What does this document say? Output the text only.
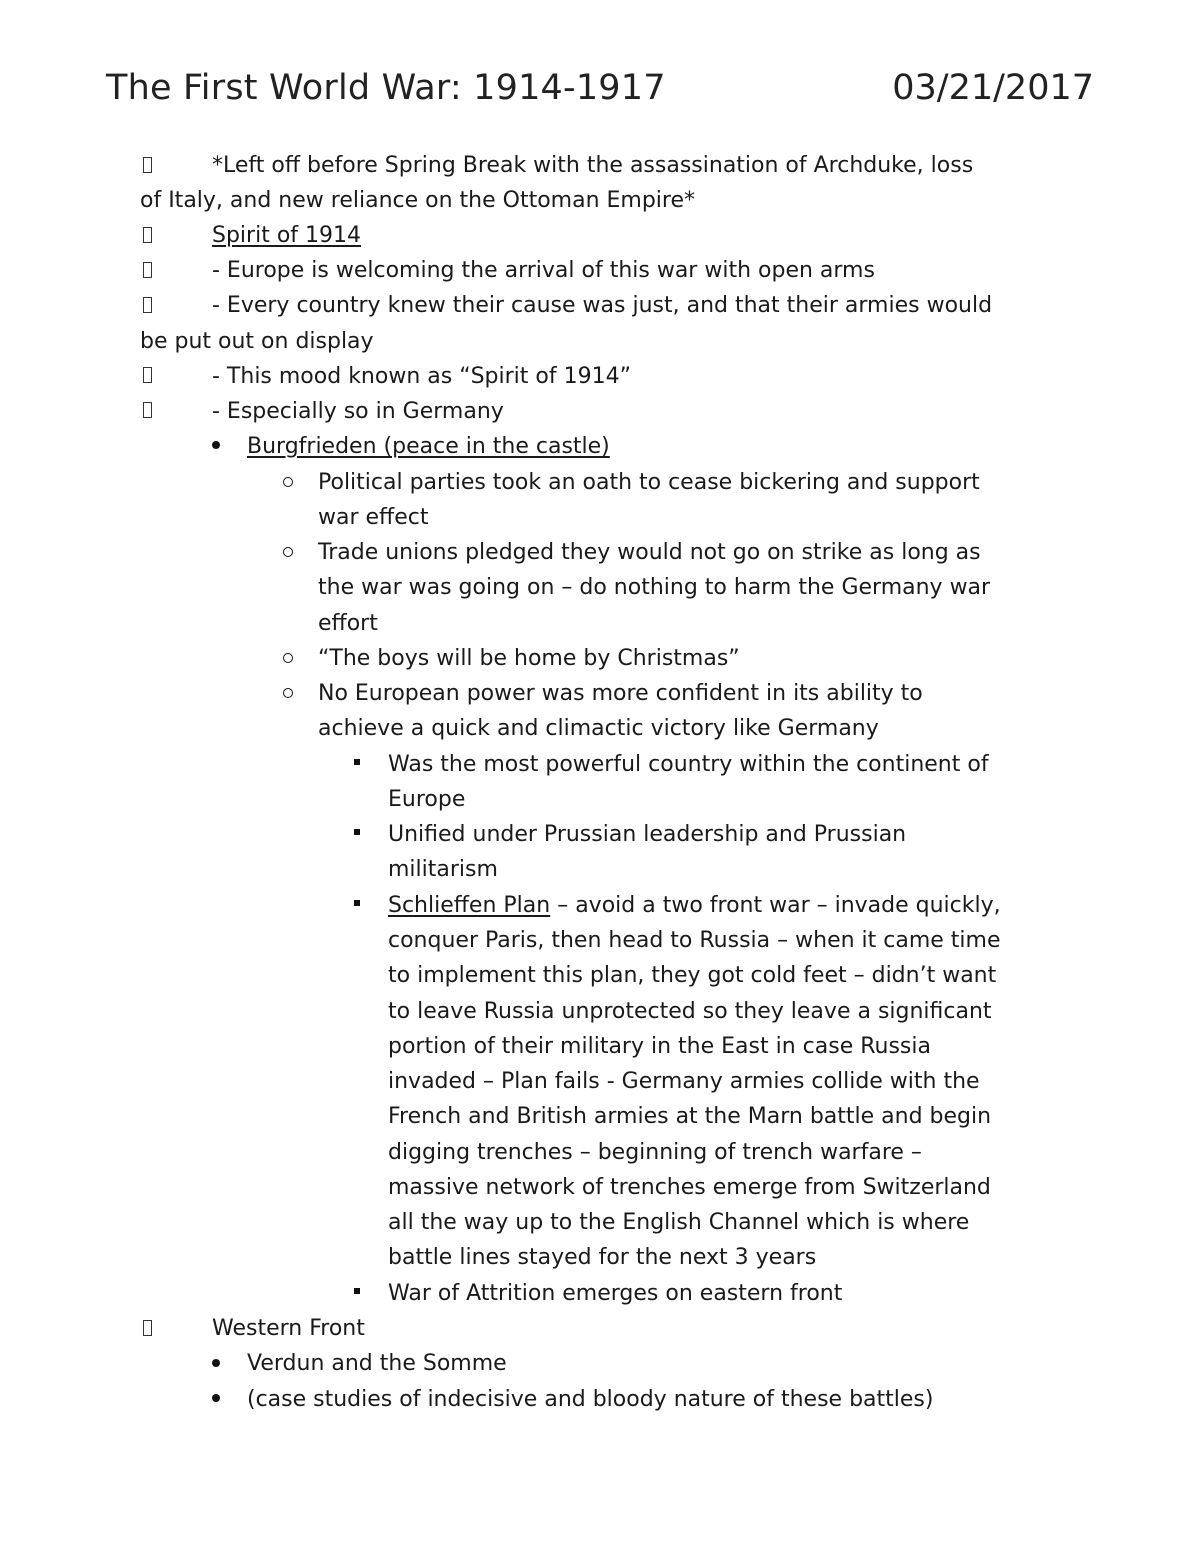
The First World War: 1914-1917	03/21/2017
*Left off before Spring Break with the assassination of Archduke, loss
of Italy, and new reliance on the Ottoman Empire*
Spirit of 1914
- Europe is welcoming the arrival of this war with open arms
- Every country knew their cause was just, and that their armies would
be put out on display
- This mood known as “Spirit of 1914”
- Especially so in Germany
Burgfrieden (peace in the castle)
Political parties took an oath to cease bickering and support
war effect
Trade unions pledged they would not go on strike as long as
the war was going on – do nothing to harm the Germany war
effort
“The boys will be home by Christmas”
No European power was more confident in its ability to
achieve a quick and climactic victory like Germany
Was the most powerful country within the continent of
Europe
Unified under Prussian leadership and Prussian
militarism
Schlieffen Plan – avoid a two front war – invade quickly,
conquer Paris, then head to Russia – when it came time
to implement this plan, they got cold feet – didn’t want
to leave Russia unprotected so they leave a significant
portion of their military in the East in case Russia
invaded – Plan fails - Germany armies collide with the
French and British armies at the Marn battle and begin
digging trenches – beginning of trench warfare –
massive network of trenches emerge from Switzerland
all the way up to the English Channel which is where
battle lines stayed for the next 3 years
War of Attrition emerges on eastern front
Western Front
Verdun and the Somme
(case studies of indecisive and bloody nature of these battles)
